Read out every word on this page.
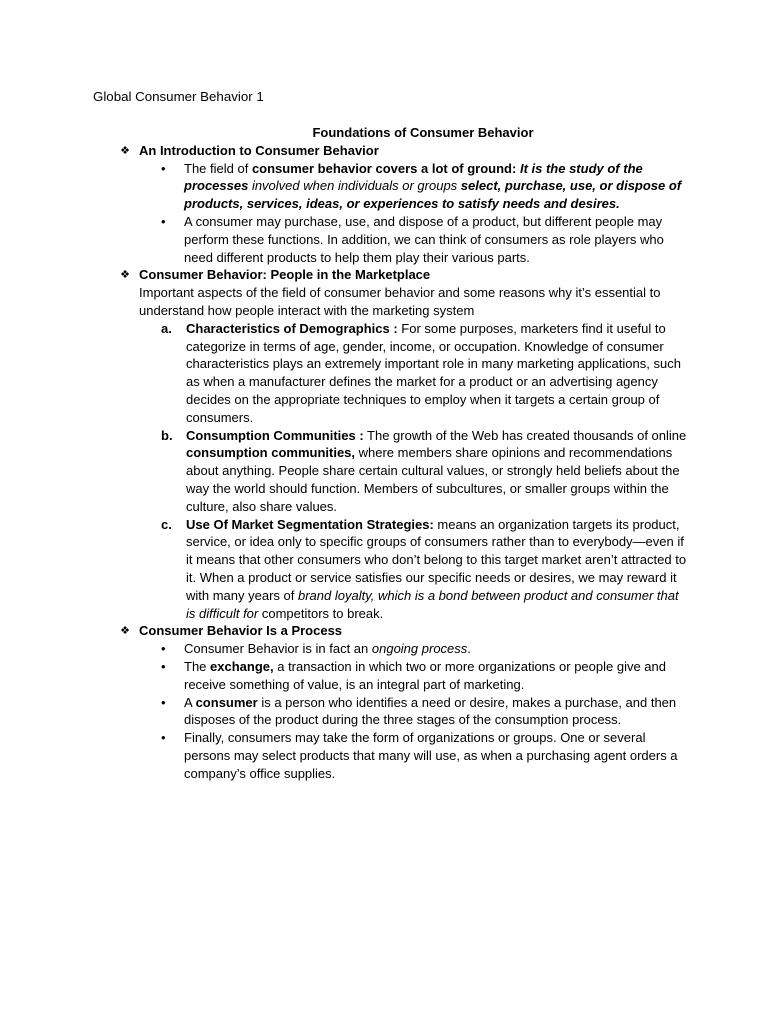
Global Consumer Behavior 1

Foundations of Consumer Behavior

❖ An Introduction to Consumer Behavior
• The field of consumer behavior covers a lot of ground: It is the study of the processes involved when individuals or groups select, purchase, use, or dispose of products, services, ideas, or experiences to satisfy needs and desires.
• A consumer may purchase, use, and dispose of a product, but different people may perform these functions. In addition, we can think of consumers as role players who need different products to help them play their various parts.
❖ Consumer Behavior: People in the Marketplace

Important aspects of the field of consumer behavior and some reasons why it’s essential to understand how people interact with the marketing system

a. Characteristics of Demographics : For some purposes, marketers find it useful to categorize in terms of age, gender, income, or occupation. Knowledge of consumer characteristics plays an extremely important role in many marketing applications, such as when a manufacturer defines the market for a product or an advertising agency decides on the appropriate techniques to employ when it targets a certain group of consumers.
b. Consumption Communities : The growth of the Web has created thousands of online consumption communities, where members share opinions and recommendations about anything. People share certain cultural values, or strongly held beliefs about the way the world should function. Members of subcultures, or smaller groups within the culture, also share values.
c. Use Of Market Segmentation Strategies: means an organization targets its product, service, or idea only to specific groups of consumers rather than to everybody—even if it means that other consumers who don’t belong to this target market aren’t attracted to it. When a product or service satisfies our specific needs or desires, we may reward it with many years of brand loyalty, which is a bond between product and consumer that is difficult for competitors to break.
❖ Consumer Behavior Is a Process
• Consumer Behavior is in fact an ongoing process.
• The exchange, a transaction in which two or more organizations or people give and receive something of value, is an integral part of marketing.
• A consumer is a person who identifies a need or desire, makes a purchase, and then disposes of the product during the three stages of the consumption process.
• Finally, consumers may take the form of organizations or groups. One or several persons may select products that many will use, as when a purchasing agent orders a company’s office supplies.
